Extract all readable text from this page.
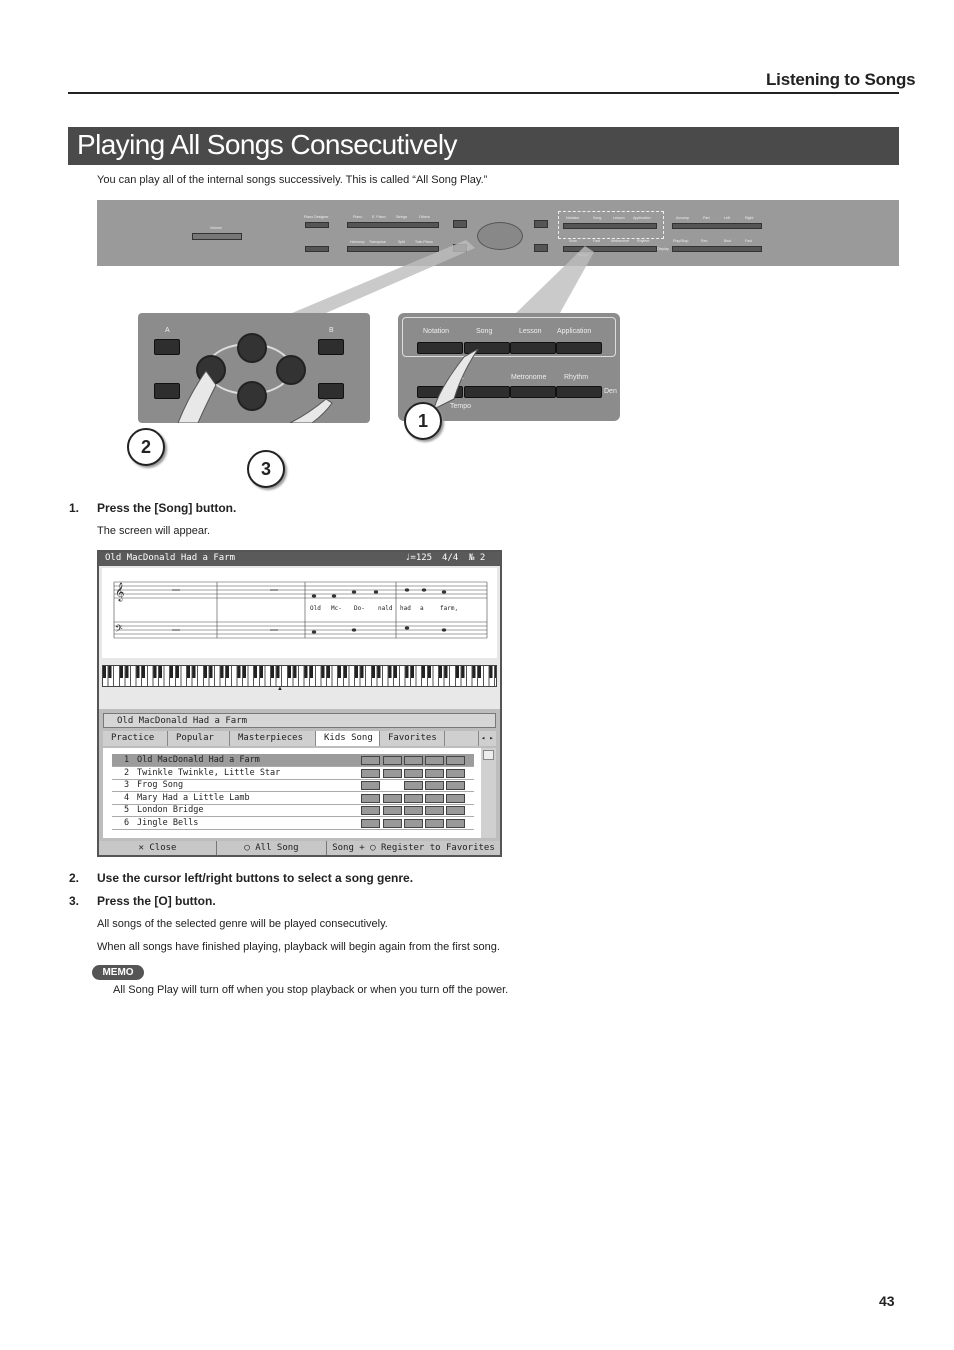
Listening to Songs
Playing All Songs Consecutively
You can play all of the internal songs successively. This is called “All Song Play.”
Volume
Piano Designer	Piano	E. Piano	Strings	Others
Harmony Transpose	Split	Twin Piano
Notation	Song	Lesson Application
Slow	Fast	Metronome Rhythm
Display
Accomp	Part	Left	Right
Play/Stop	Rec	Bwd	Fwd
A	B	Notation	Song	Lesson Application
Metronome	Rhythm
Tempo
Den
1
2
3
1. Press the [Song] button.
The screen will appear.
Old MacDonald Had a Farm	♩=125 4/4 № 2
𝄞
𝄢
Old Mc- Do- nald had a	farm,
▲
Old MacDonald Had a Farm
Practice	Popular	Masterpieces	Kids Song	Favorites	◂ ▸
1 Old MacDonald Had a Farm
2 Twinkle Twinkle, Little Star
3 Frog Song
4 Mary Had a Little Lamb
5 London Bridge
6 Jingle Bells
✕ Close	◯ All Song	Song + ◯ Register to Favorites
2. Use the cursor left/right buttons to select a song genre.
3. Press the [O] button.
All songs of the selected genre will be played consecutively.
When all songs have finished playing, playback will begin again from the first song.
MEMO
All Song Play will turn off when you stop playback or when you turn off the power.
43
